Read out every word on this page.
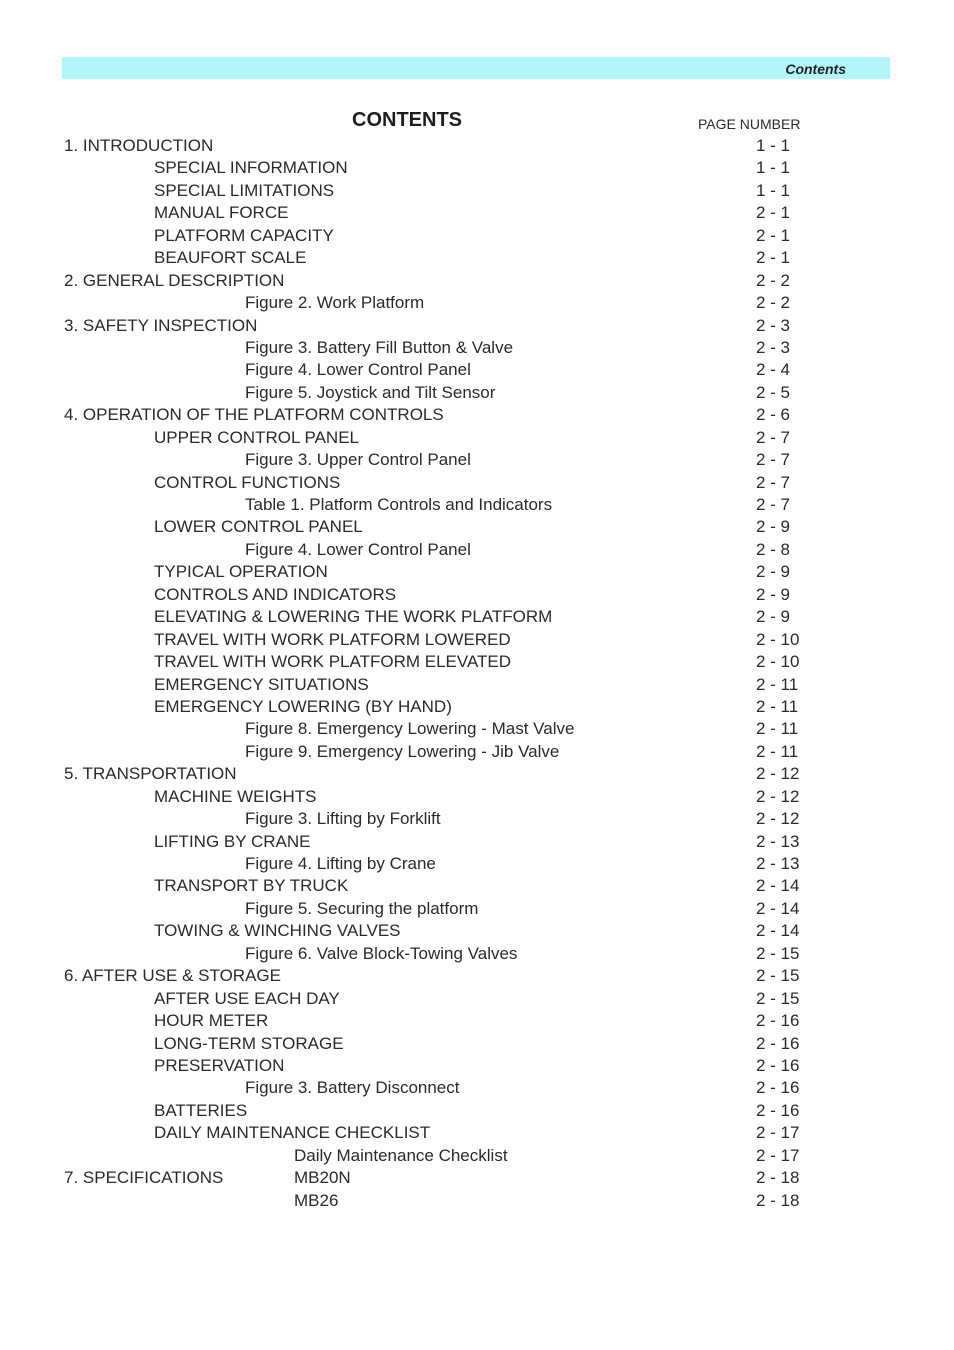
Contents
CONTENTS	PAGE NUMBER
1. INTRODUCTION	1 - 1
SPECIAL INFORMATION	1 - 1
SPECIAL LIMITATIONS	1 - 1
MANUAL FORCE	2 - 1
PLATFORM CAPACITY	2 - 1
BEAUFORT SCALE	2 - 1
2. GENERAL DESCRIPTION	2 - 2
Figure 2. Work Platform	2 - 2
3. SAFETY INSPECTION	2 - 3
Figure 3. Battery Fill Button & Valve	2 - 3
Figure 4. Lower Control Panel	2 - 4
Figure 5. Joystick and Tilt Sensor	2 - 5
4. OPERATION OF THE PLATFORM CONTROLS	2 - 6
UPPER CONTROL PANEL	2 - 7
Figure 3. Upper Control Panel	2 - 7
CONTROL FUNCTIONS	2 - 7
Table 1. Platform Controls and Indicators	2 - 7
LOWER CONTROL PANEL	2 - 9
Figure 4. Lower Control Panel	2 - 8
TYPICAL OPERATION	2 - 9
CONTROLS AND INDICATORS	2 - 9
ELEVATING & LOWERING THE WORK PLATFORM	2 - 9
TRAVEL WITH WORK PLATFORM LOWERED	2 - 10
TRAVEL WITH WORK PLATFORM ELEVATED	2 - 10
EMERGENCY SITUATIONS	2 - 11
EMERGENCY LOWERING (BY HAND)	2 - 11
Figure 8. Emergency Lowering - Mast Valve	2 - 11
Figure 9. Emergency Lowering - Jib Valve	2 - 11
5. TRANSPORTATION	2 - 12
MACHINE WEIGHTS	2 - 12
Figure 3. Lifting by Forklift	2 - 12
LIFTING BY CRANE	2 - 13
Figure 4. Lifting by Crane	2 - 13
TRANSPORT BY TRUCK	2 - 14
Figure 5. Securing the platform	2 - 14
TOWING & WINCHING VALVES	2 - 14
Figure 6. Valve Block-Towing Valves	2 - 15
6. AFTER USE & STORAGE	2 - 15
AFTER USE EACH DAY	2 - 15
HOUR METER	2 - 16
LONG-TERM STORAGE	2 - 16
PRESERVATION	2 - 16
Figure 3. Battery Disconnect	2 - 16
BATTERIES	2 - 16
DAILY MAINTENANCE CHECKLIST	2 - 17
Daily Maintenance Checklist	2 - 17
7. SPECIFICATIONS	MB20N	2 - 18
MB26	2 - 18
